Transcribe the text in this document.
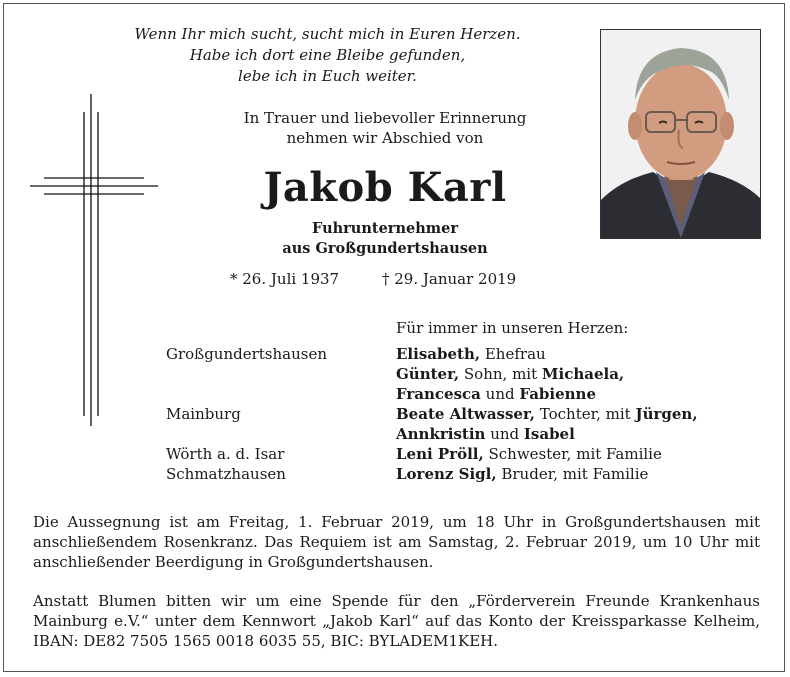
Wenn Ihr mich sucht, sucht mich in Euren Herzen.
Habe ich dort eine Bleibe gefunden,
lebe ich in Euch weiter.
In Trauer und liebevoller Erinnerung
nehmen wir Abschied von
Jakob Karl
Fuhrunternehmer
aus Großgundertshausen
* 26. Juli 1937	† 29. Januar 2019
Für immer in unseren Herzen:
Großgundertshausen
Mainburg
Wörth a. d. Isar
Schmatzhausen
Elisabeth, Ehefrau
Günter, Sohn, mit Michaela,
Francesca und Fabienne
Beate Altwasser, Tochter, mit Jürgen,
Annkristin und Isabel
Leni Pröll, Schwester, mit Familie
Lorenz Sigl, Bruder, mit Familie
Die Aussegnung ist am Freitag, 1. Februar 2019, um 18 Uhr in Großgundertshausen mit anschließendem Rosenkranz. Das Requiem ist am Samstag, 2. Februar 2019, um 10 Uhr mit anschließender Beerdigung in Großgundertshausen.
Anstatt Blumen bitten wir um eine Spende für den „Förderverein Freunde Krankenhaus Mainburg e.V.“ unter dem Kennwort „Jakob Karl“ auf das Konto der Kreissparkasse Kelheim, IBAN: DE82 7505 1565 0018 6035 55, BIC: BYLADEM1KEH.
